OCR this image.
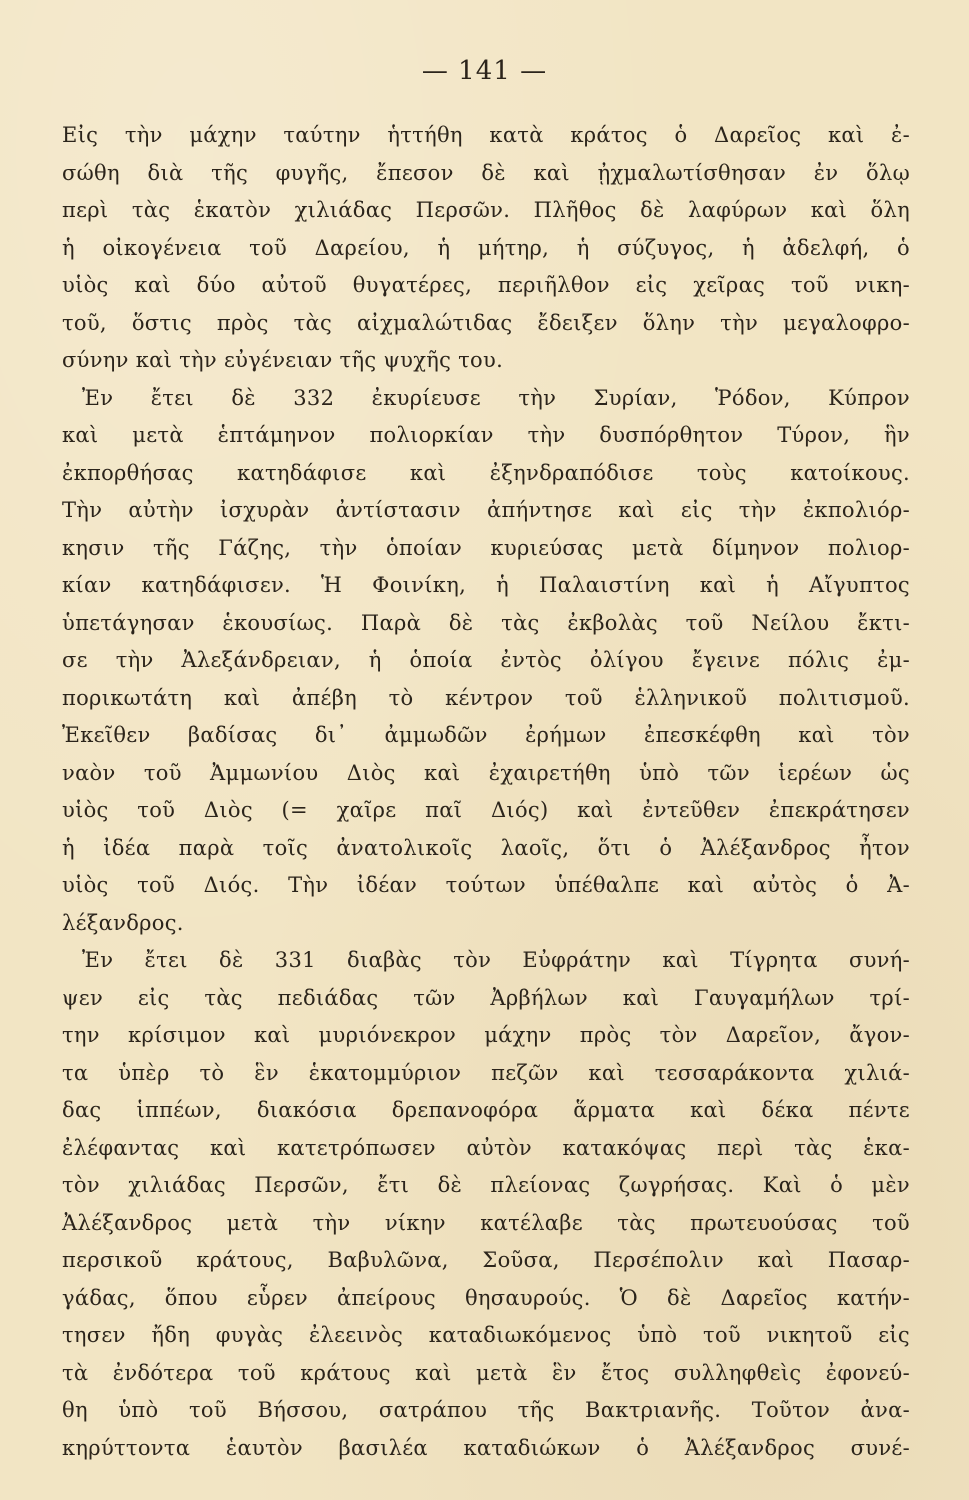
— 141 —
Εἰς τὴν μάχην ταύτην ἡττήθη κατὰ κράτος ὁ Δαρεῖος καὶ ἐ-
σώθη διὰ τῆς φυγῆς, ἔπεσον δὲ καὶ ᾐχμαλωτίσθησαν ἐν ὅλῳ
περὶ τὰς ἑκατὸν χιλιάδας Περσῶν. Πλῆθος δὲ λαφύρων καὶ ὅλη
ἡ οἰκογένεια τοῦ Δαρείου, ἡ μήτηρ, ἡ σύζυγος, ἡ ἀδελφή, ὁ
υἱὸς καὶ δύο αὐτοῦ θυγατέρες, περιῆλθον εἰς χεῖρας τοῦ νικη-
τοῦ, ὅστις πρὸς τὰς αἰχμαλώτιδας ἔδειξεν ὅλην τὴν μεγαλοφρο-
σύνην καὶ τὴν εὐγένειαν τῆς ψυχῆς του.
Ἐν ἔτει δὲ 332 ἐκυρίευσε τὴν Συρίαν, Ῥόδον, Κύπρον
καὶ μετὰ ἑπτάμηνον πολιορκίαν τὴν δυσπόρθητον Τύρον, ἣν
ἐκπορθήσας κατηδάφισε καὶ ἐξηνδραπόδισε τοὺς κατοίκους.
Τὴν αὐτὴν ἰσχυρὰν ἀντίστασιν ἀπήντησε καὶ εἰς τὴν ἐκπολιόρ-
κησιν τῆς Γάζης, τὴν ὁποίαν κυριεύσας μετὰ δίμηνον πολιορ-
κίαν κατηδάφισεν. Ἡ Φοινίκη, ἡ Παλαιστίνη καὶ ἡ Αἴγυπτος
ὑπετάγησαν ἑκουσίως. Παρὰ δὲ τὰς ἐκβολὰς τοῦ Νείλου ἔκτι-
σε τὴν Ἀλεξάνδρειαν, ἡ ὁποία ἐντὸς ὀλίγου ἔγεινε πόλις ἐμ-
πορικωτάτη καὶ ἀπέβη τὸ κέντρον τοῦ ἑλληνικοῦ πολιτισμοῦ.
Ἐκεῖθεν βαδίσας δι᾽ ἀμμωδῶν ἐρήμων ἐπεσκέφθη καὶ τὸν
ναὸν τοῦ Ἀμμωνίου Διὸς καὶ ἐχαιρετήθη ὑπὸ τῶν ἱερέων ὡς
υἱὸς τοῦ Διὸς (= χαῖρε παῖ Διός) καὶ ἐντεῦθεν ἐπεκράτησεν
ἡ ἰδέα παρὰ τοῖς ἀνατολικοῖς λαοῖς, ὅτι ὁ Ἀλέξανδρος ἦτον
υἱὸς τοῦ Διός. Τὴν ἰδέαν τούτων ὑπέθαλπε καὶ αὐτὸς ὁ Ἀ-
λέξανδρος.
Ἐν ἔτει δὲ 331 διαβὰς τὸν Εὐφράτην καὶ Τίγρητα συνή-
ψεν εἰς τὰς πεδιάδας τῶν Ἀρβήλων καὶ Γαυγαμήλων τρί-
την κρίσιμον καὶ μυριόνεκρον μάχην πρὸς τὸν Δαρεῖον, ἄγον-
τα ὑπὲρ τὸ ἓν ἑκατομμύριον πεζῶν καὶ τεσσαράκοντα χιλιά-
δας ἱππέων, διακόσια δρεπανοφόρα ἅρματα καὶ δέκα πέντε
ἐλέφαντας καὶ κατετρόπωσεν αὐτὸν κατακόψας περὶ τὰς ἑκα-
τὸν χιλιάδας Περσῶν, ἔτι δὲ πλείονας ζωγρήσας. Καὶ ὁ μὲν
Ἀλέξανδρος μετὰ τὴν νίκην κατέλαβε τὰς πρωτευούσας τοῦ
περσικοῦ κράτους, Βαβυλῶνα, Σοῦσα, Περσέπολιν καὶ Πασαρ-
γάδας, ὅπου εὗρεν ἀπείρους θησαυρούς. Ὁ δὲ Δαρεῖος κατήν-
τησεν ἤδη φυγὰς ἐλεεινὸς καταδιωκόμενος ὑπὸ τοῦ νικητοῦ εἰς
τὰ ἐνδότερα τοῦ κράτους καὶ μετὰ ἓν ἔτος συλληφθεὶς ἐφονεύ-
θη ὑπὸ τοῦ Βήσσου, σατράπου τῆς Βακτριανῆς. Τοῦτον ἀνα-
κηρύττοντα ἑαυτὸν βασιλέα καταδιώκων ὁ Ἀλέξανδρος συνέ-
